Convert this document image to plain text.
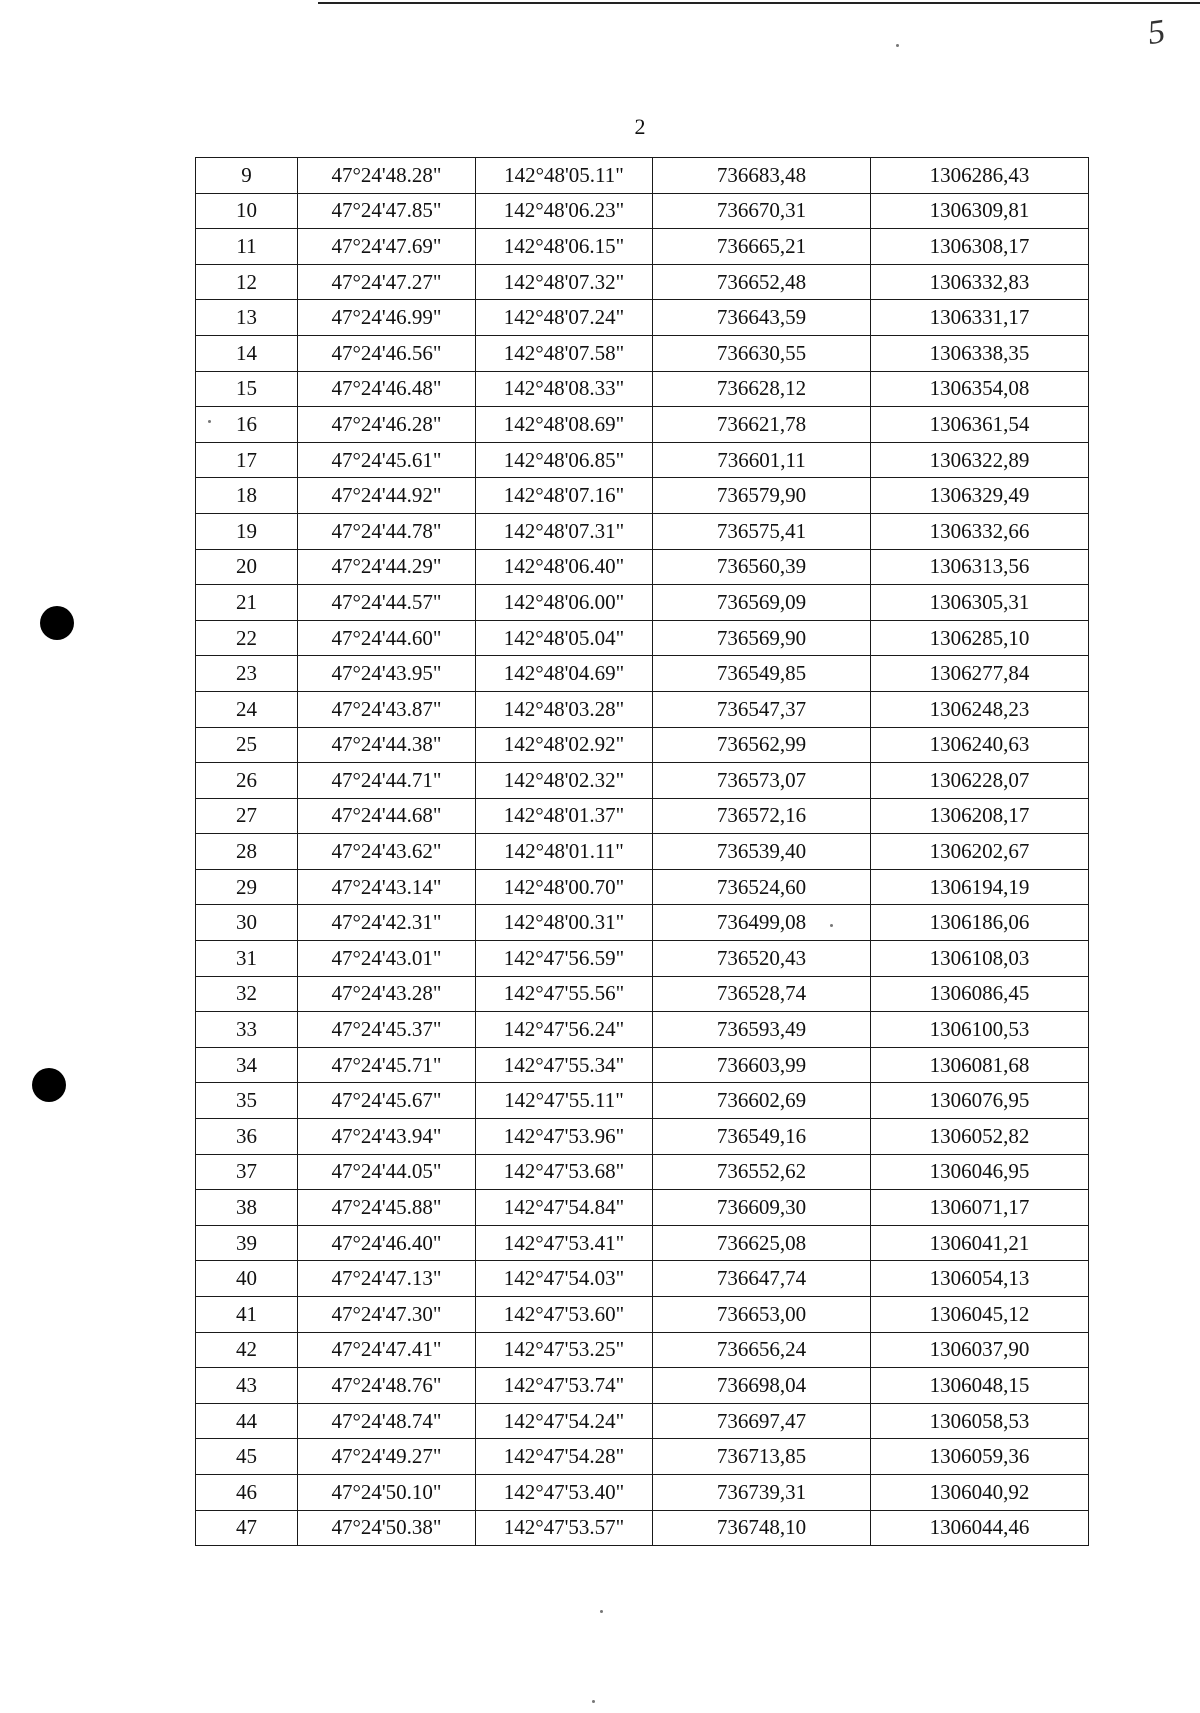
5
2
9	47°24'48.28"	142°48'05.11"	736683,48	1306286,43
10	47°24'47.85"	142°48'06.23"	736670,31	1306309,81
11	47°24'47.69"	142°48'06.15"	736665,21	1306308,17
12	47°24'47.27"	142°48'07.32"	736652,48	1306332,83
13	47°24'46.99"	142°48'07.24"	736643,59	1306331,17
14	47°24'46.56"	142°48'07.58"	736630,55	1306338,35
15	47°24'46.48"	142°48'08.33"	736628,12	1306354,08
16	47°24'46.28"	142°48'08.69"	736621,78	1306361,54
17	47°24'45.61"	142°48'06.85"	736601,11	1306322,89
18	47°24'44.92"	142°48'07.16"	736579,90	1306329,49
19	47°24'44.78"	142°48'07.31"	736575,41	1306332,66
20	47°24'44.29"	142°48'06.40"	736560,39	1306313,56
21	47°24'44.57"	142°48'06.00"	736569,09	1306305,31
22	47°24'44.60"	142°48'05.04"	736569,90	1306285,10
23	47°24'43.95"	142°48'04.69"	736549,85	1306277,84
24	47°24'43.87"	142°48'03.28"	736547,37	1306248,23
25	47°24'44.38"	142°48'02.92"	736562,99	1306240,63
26	47°24'44.71"	142°48'02.32"	736573,07	1306228,07
27	47°24'44.68"	142°48'01.37"	736572,16	1306208,17
28	47°24'43.62"	142°48'01.11"	736539,40	1306202,67
29	47°24'43.14"	142°48'00.70"	736524,60	1306194,19
30	47°24'42.31"	142°48'00.31"	736499,08	1306186,06
31	47°24'43.01"	142°47'56.59"	736520,43	1306108,03
32	47°24'43.28"	142°47'55.56"	736528,74	1306086,45
33	47°24'45.37"	142°47'56.24"	736593,49	1306100,53
34	47°24'45.71"	142°47'55.34"	736603,99	1306081,68
35	47°24'45.67"	142°47'55.11"	736602,69	1306076,95
36	47°24'43.94"	142°47'53.96"	736549,16	1306052,82
37	47°24'44.05"	142°47'53.68"	736552,62	1306046,95
38	47°24'45.88"	142°47'54.84"	736609,30	1306071,17
39	47°24'46.40"	142°47'53.41"	736625,08	1306041,21
40	47°24'47.13"	142°47'54.03"	736647,74	1306054,13
41	47°24'47.30"	142°47'53.60"	736653,00	1306045,12
42	47°24'47.41"	142°47'53.25"	736656,24	1306037,90
43	47°24'48.76"	142°47'53.74"	736698,04	1306048,15
44	47°24'48.74"	142°47'54.24"	736697,47	1306058,53
45	47°24'49.27"	142°47'54.28"	736713,85	1306059,36
46	47°24'50.10"	142°47'53.40"	736739,31	1306040,92
47	47°24'50.38"	142°47'53.57"	736748,10	1306044,46
